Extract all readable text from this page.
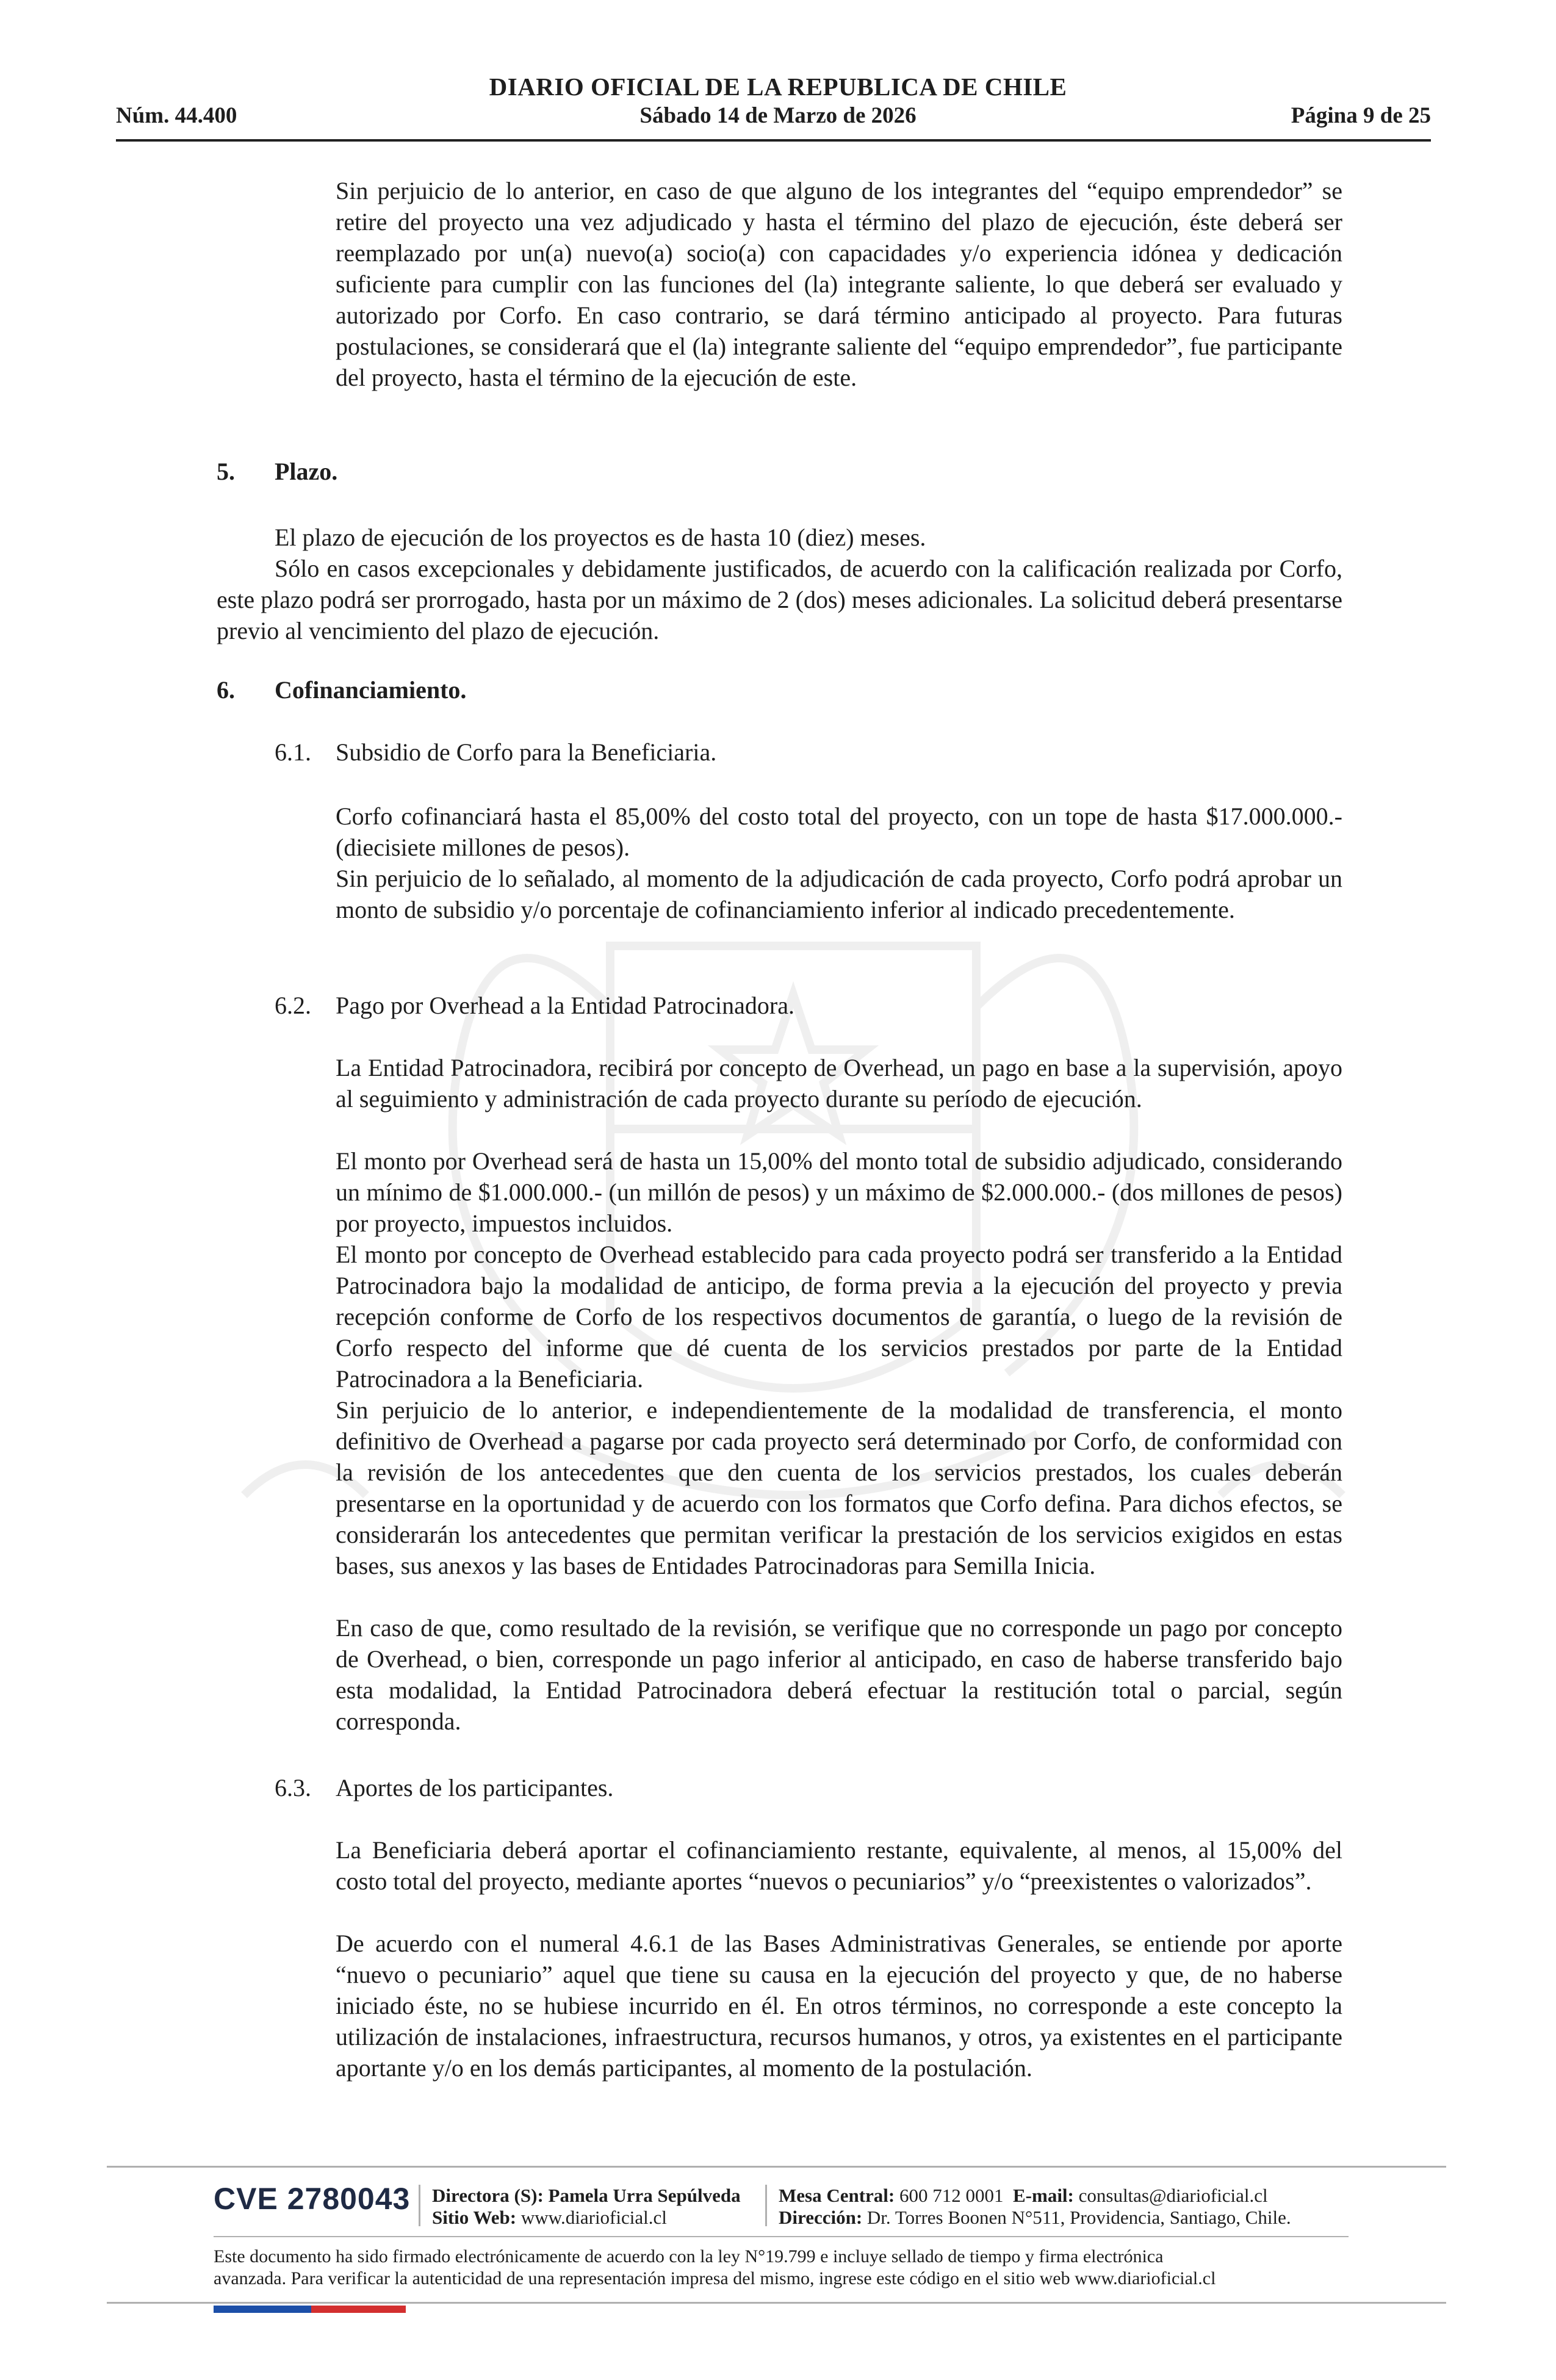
DIARIO OFICIAL DE LA REPUBLICA DE CHILE
Núm. 44.400	Sábado 14 de Marzo de 2026	Página 9 de 25

Sin perjuicio de lo anterior, en caso de que alguno de los integrantes del “equipo emprendedor” se retire del proyecto una vez adjudicado y hasta el término del plazo de ejecución, éste deberá ser reemplazado por un(a) nuevo(a) socio(a) con capacidades y/o experiencia idónea y dedicación suficiente para cumplir con las funciones del (la) integrante saliente, lo que deberá ser evaluado y autorizado por Corfo. En caso contrario, se dará término anticipado al proyecto. Para futuras postulaciones, se considerará que el (la) integrante saliente del “equipo emprendedor”, fue participante del proyecto, hasta el término de la ejecución de este.

5. Plazo.

El plazo de ejecución de los proyectos es de hasta 10 (diez) meses.

Sólo en casos excepcionales y debidamente justificados, de acuerdo con la calificación realizada por Corfo, este plazo podrá ser prorrogado, hasta por un máximo de 2 (dos) meses adicionales. La solicitud deberá presentarse previo al vencimiento del plazo de ejecución.

6. Cofinanciamiento.
6.1. Subsidio de Corfo para la Beneficiaria.

Corfo cofinanciará hasta el 85,00% del costo total del proyecto, con un tope de hasta $17.000.000.- (diecisiete millones de pesos).

Sin perjuicio de lo señalado, al momento de la adjudicación de cada proyecto, Corfo podrá aprobar un monto de subsidio y/o porcentaje de cofinanciamiento inferior al indicado precedentemente.

6.2. Pago por Overhead a la Entidad Patrocinadora.

La Entidad Patrocinadora, recibirá por concepto de Overhead, un pago en base a la supervisión, apoyo al seguimiento y administración de cada proyecto durante su período de ejecución.

El monto por Overhead será de hasta un 15,00% del monto total de subsidio adjudicado, considerando un mínimo de $1.000.000.- (un millón de pesos) y un máximo de $2.000.000.- (dos millones de pesos) por proyecto, impuestos incluidos.

El monto por concepto de Overhead establecido para cada proyecto podrá ser transferido a la Entidad Patrocinadora bajo la modalidad de anticipo, de forma previa a la ejecución del proyecto y previa recepción conforme de Corfo de los respectivos documentos de garantía, o luego de la revisión de Corfo respecto del informe que dé cuenta de los servicios prestados por parte de la Entidad Patrocinadora a la Beneficiaria.

Sin perjuicio de lo anterior, e independientemente de la modalidad de transferencia, el monto definitivo de Overhead a pagarse por cada proyecto será determinado por Corfo, de conformidad con la revisión de los antecedentes que den cuenta de los servicios prestados, los cuales deberán presentarse en la oportunidad y de acuerdo con los formatos que Corfo defina. Para dichos efectos, se considerarán los antecedentes que permitan verificar la prestación de los servicios exigidos en estas bases, sus anexos y las bases de Entidades Patrocinadoras para Semilla Inicia.

En caso de que, como resultado de la revisión, se verifique que no corresponde un pago por concepto de Overhead, o bien, corresponde un pago inferior al anticipado, en caso de haberse transferido bajo esta modalidad, la Entidad Patrocinadora deberá efectuar la restitución total o parcial, según corresponda.

6.3. Aportes de los participantes.

La Beneficiaria deberá aportar el cofinanciamiento restante, equivalente, al menos, al 15,00% del costo total del proyecto, mediante aportes “nuevos o pecuniarios” y/o “preexistentes o valorizados”.

De acuerdo con el numeral 4.6.1 de las Bases Administrativas Generales, se entiende por aporte “nuevo o pecuniario” aquel que tiene su causa en la ejecución del proyecto y que, de no haberse iniciado éste, no se hubiese incurrido en él. En otros términos, no corresponde a este concepto la utilización de instalaciones, infraestructura, recursos humanos, y otros, ya existentes en el participante aportante y/o en los demás participantes, al momento de la postulación.

CVE 2780043 Directora (S): Pamela Urra Sepúlveda
Sitio Web: www.diarioficial.cl
Mesa Central: 600 712 0001 E-mail: consultas@diarioficial.cl
Dirección: Dr. Torres Boonen N°511, Providencia, Santiago, Chile.
Este documento ha sido firmado electrónicamente de acuerdo con la ley N°19.799 e incluye sellado de tiempo y firma electrónica
avanzada. Para verificar la autenticidad de una representación impresa del mismo, ingrese este código en el sitio web www.diarioficial.cl
